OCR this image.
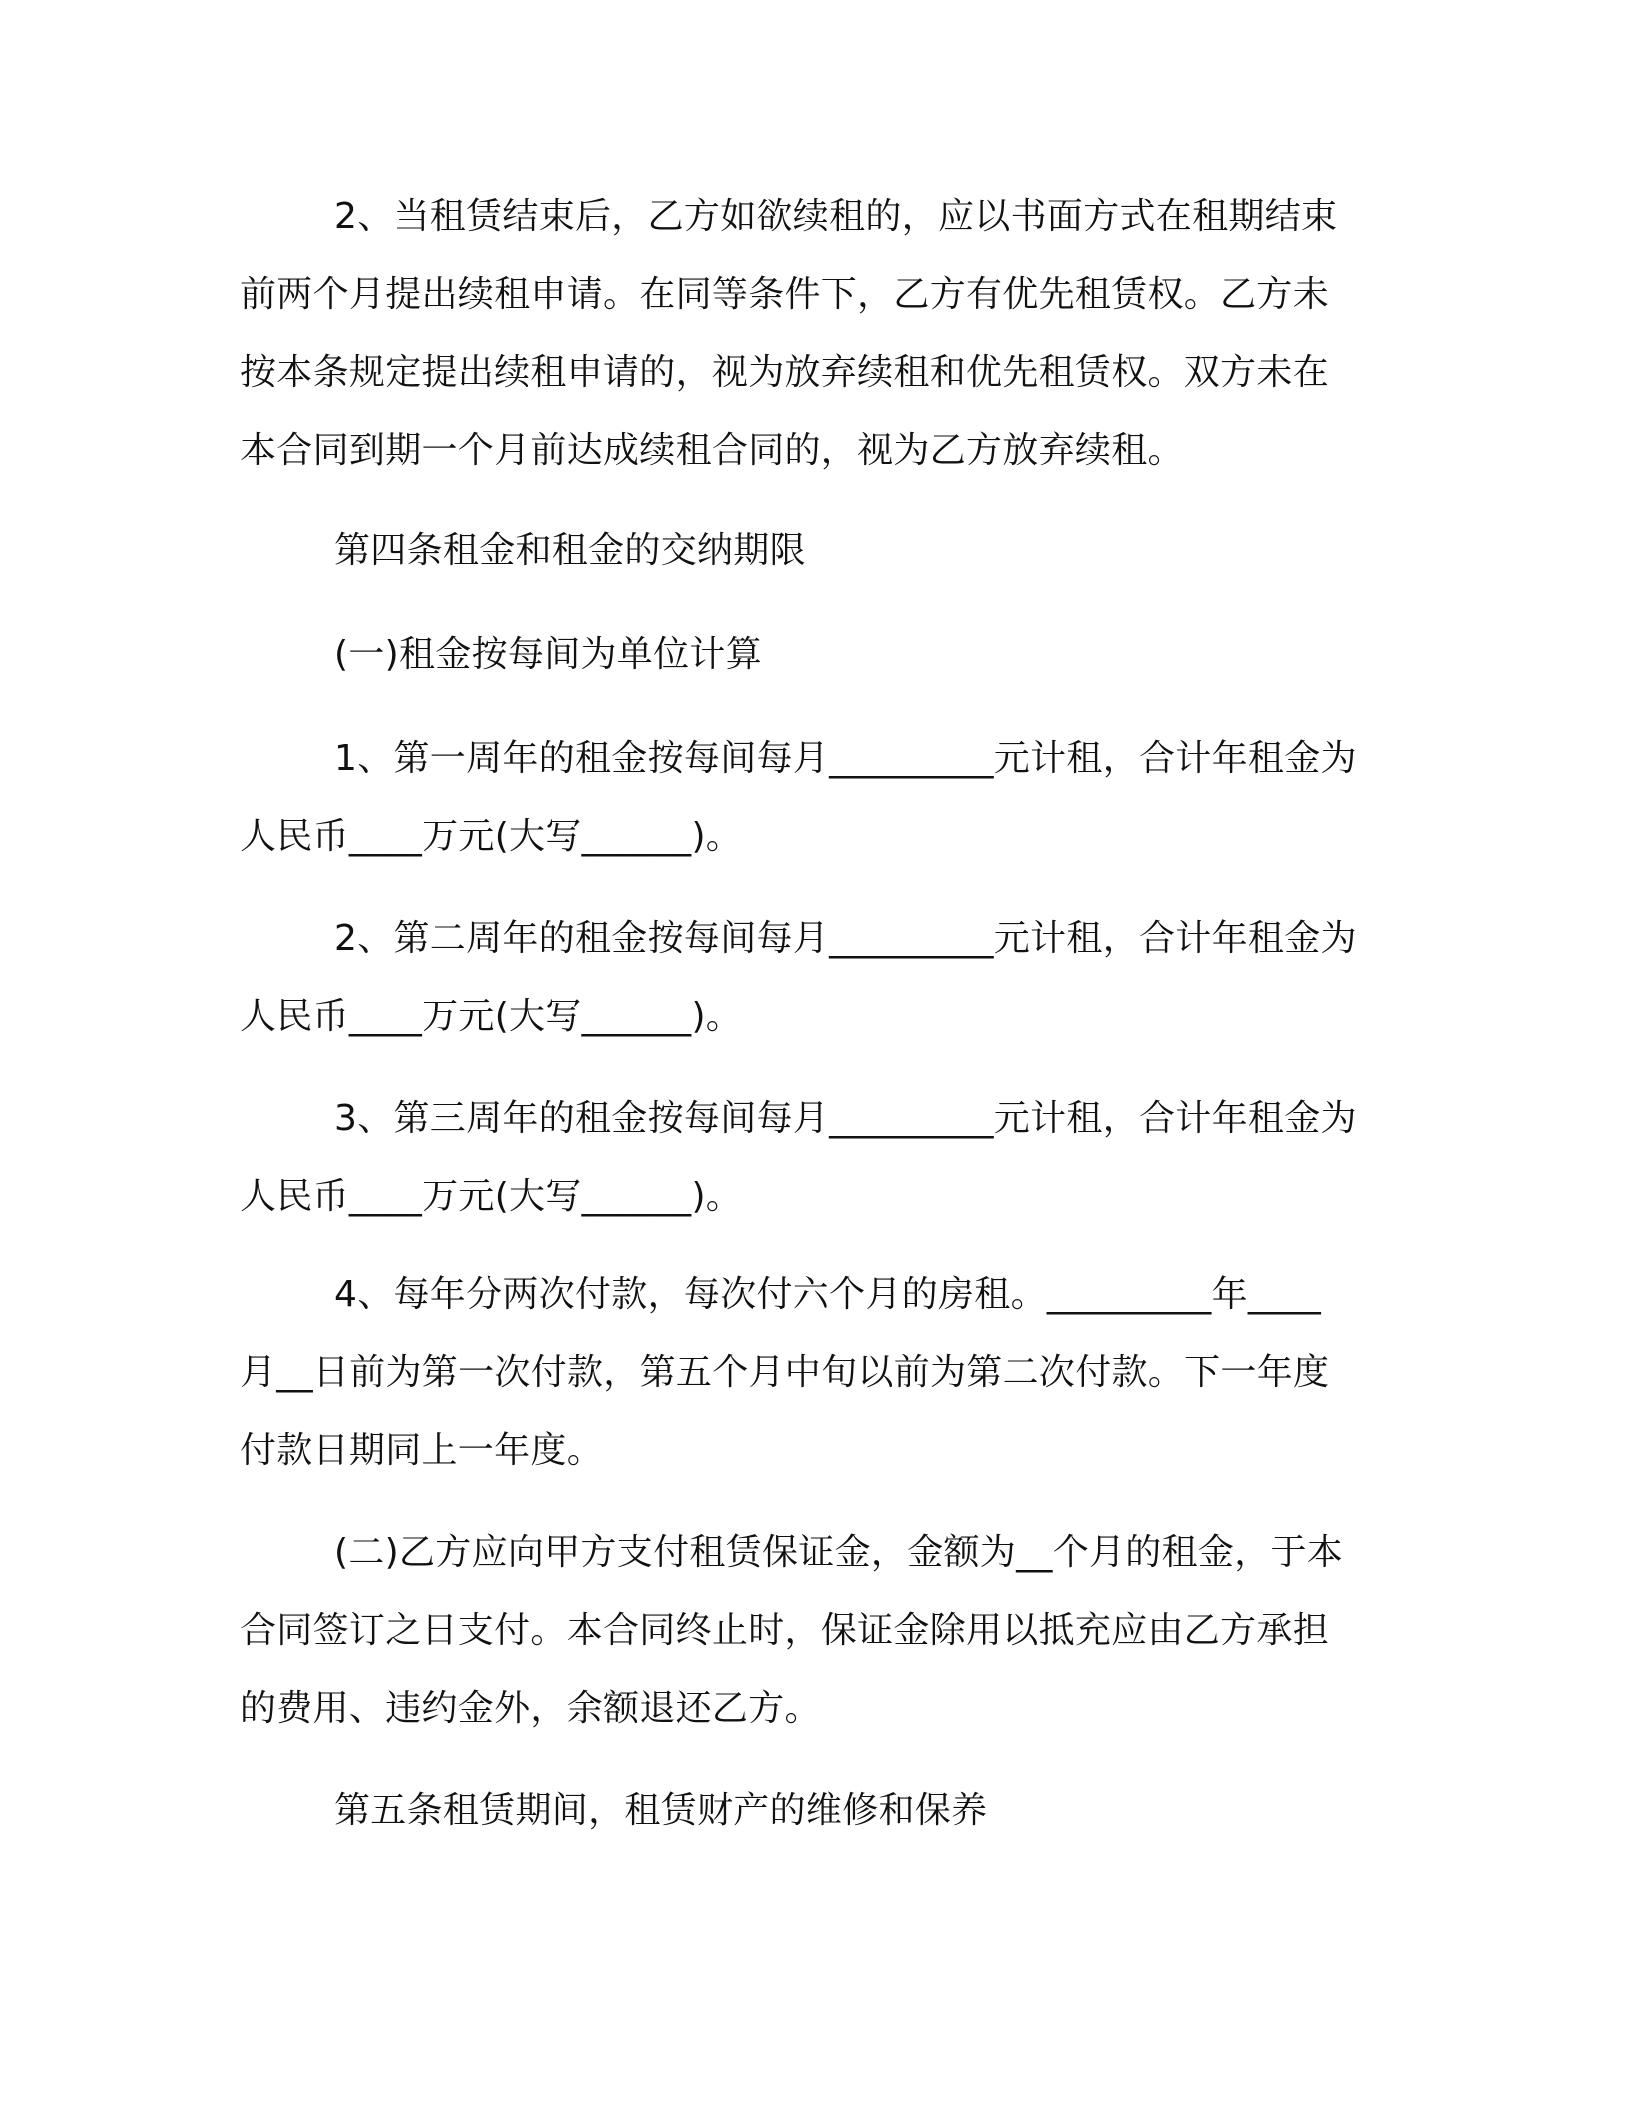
2、当租赁结束后，乙方如欲续租的，应以书面方式在租期结束
前两个月提出续租申请。在同等条件下，乙方有优先租赁权。乙方未
按本条规定提出续租申请的，视为放弃续租和优先租赁权。双方未在
本合同到期一个月前达成续租合同的，视为乙方放弃续租。
第四条租金和租金的交纳期限
(一)租金按每间为单位计算
1、第一周年的租金按每间每月_________元计租，合计年租金为
人民币____万元(大写______)。
2、第二周年的租金按每间每月_________元计租，合计年租金为
人民币____万元(大写______)。
3、第三周年的租金按每间每月_________元计租，合计年租金为
人民币____万元(大写______)。
4、每年分两次付款，每次付六个月的房租。_________年____
月__日前为第一次付款，第五个月中旬以前为第二次付款。下一年度
付款日期同上一年度。
(二)乙方应向甲方支付租赁保证金，金额为__个月的租金，于本
合同签订之日支付。本合同终止时，保证金除用以抵充应由乙方承担
的费用、违约金外，余额退还乙方。
第五条租赁期间，租赁财产的维修和保养
